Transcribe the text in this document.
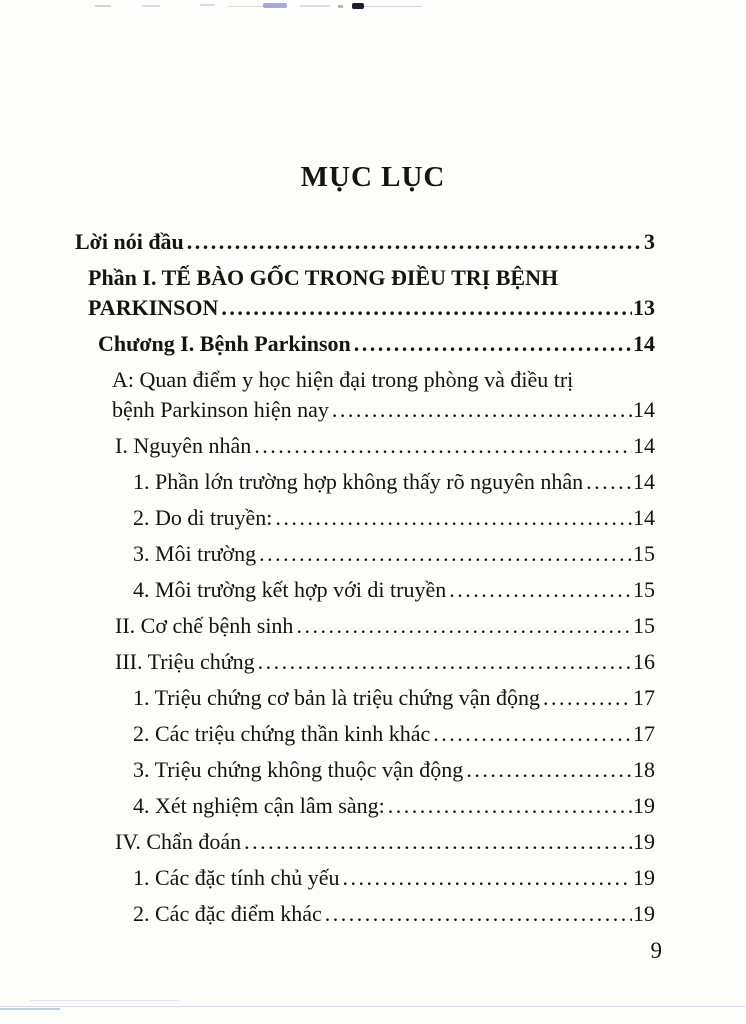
MỤC LỤC
Lời nói đầu .....	3
Phần I. TẾ BÀO GỐC TRONG ĐIỀU TRỊ BỆNH
PARKINSON .....	13
Chương I. Bệnh Parkinson .....	14
A: Quan điểm y học hiện đại trong phòng và điều trị
bệnh Parkinson hiện nay .....	14
I. Nguyên nhân .....	14
1. Phần lớn trường hợp không thấy rõ nguyên nhân ..... 14
2. Do di truyền: .....	14
3. Môi trường .....	15
4. Môi trường kết hợp với di truyền .....	15
II. Cơ chế bệnh sinh .....	15
III. Triệu chứng .....	16
1. Triệu chứng cơ bản là triệu chứng vận động .....	17
2. Các triệu chứng thần kinh khác .....	17
3. Triệu chứng không thuộc vận động .....	18
4. Xét nghiệm cận lâm sàng: .....	19
IV. Chẩn đoán .....	19
1. Các đặc tính chủ yếu .....	19
2. Các đặc điểm khác .....	19
9
